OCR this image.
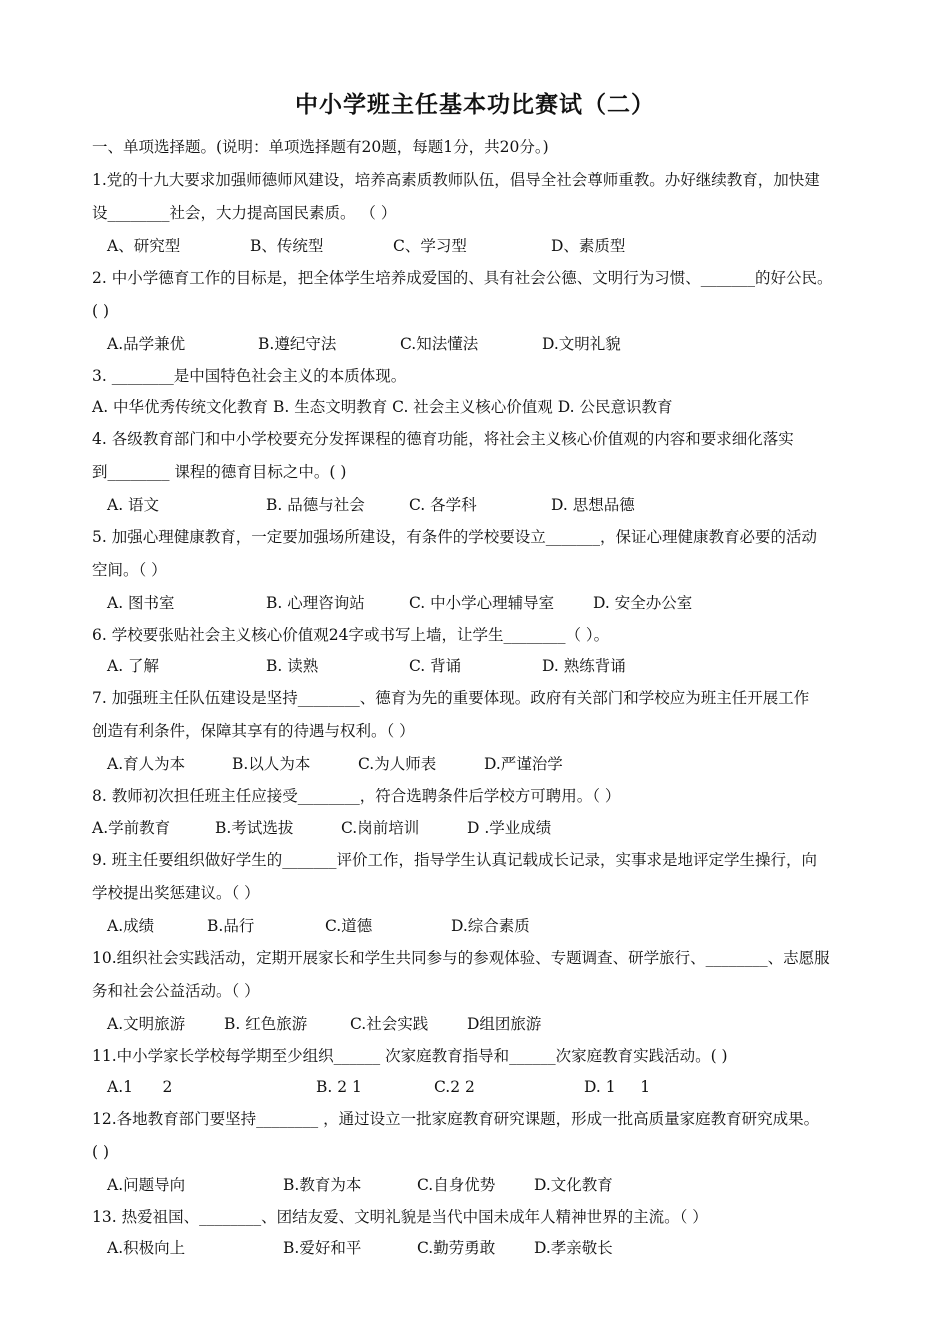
中小学班主任基本功比赛试（二）
一、单项选择题。(说明：单项选择题有20题，每题1分，共20分。)
1.党的十九大要求加强师德师风建设，培养高素质教师队伍，倡导全社会尊师重教。办好继续教育，加快建
设________社会，大力提高国民素质。 （ ）
A、研究型	B、传统型	C、学习型	D、素质型
2. 中小学德育工作的目标是，把全体学生培养成爱国的、具有社会公德、文明行为习惯、_______的好公民。
( )
A.品学兼优	B.遵纪守法	C.知法懂法	D.文明礼貌
3. ________是中国特色社会主义的本质体现。
A. 中华优秀传统文化教育 B. 生态文明教育 C. 社会主义核心价值观 D. 公民意识教育
4. 各级教育部门和中小学校要充分发挥课程的德育功能，将社会主义核心价值观的内容和要求细化落实
到________ 课程的德育目标之中。( )
A. 语文	B. 品德与社会	C. 各学科	D. 思想品德
5. 加强心理健康教育，一定要加强场所建设，有条件的学校要设立_______，保证心理健康教育必要的活动
空间。（ ）
A. 图书室	B. 心理咨询站	C. 中小学心理辅导室	D. 安全办公室
6. 学校要张贴社会主义核心价值观24字或书写上墙，让学生________（ ）。
A. 了解	B. 读熟	C. 背诵	D. 熟练背诵
7. 加强班主任队伍建设是坚持________、德育为先的重要体现。政府有关部门和学校应为班主任开展工作
创造有利条件，保障其享有的待遇与权利。（ ）
A.育人为本	B.以人为本	C.为人师表	D.严谨治学
8. 教师初次担任班主任应接受________，符合选聘条件后学校方可聘用。（ ）
A.学前教育	B.考试选拔	C.岗前培训	D .学业成绩
9. 班主任要组织做好学生的_______评价工作，指导学生认真记载成长记录，实事求是地评定学生操行，向
学校提出奖惩建议。（ ）
A.成绩	B.品行	C.道德	D.综合素质
10.组织社会实践活动，定期开展家长和学生共同参与的参观体验、专题调查、研学旅行、________、志愿服
务和社会公益活动。（ ）
A.文明旅游	B. 红色旅游	C.社会实践	D组团旅游
11.中小学家长学校每学期至少组织______ 次家庭教育指导和______次家庭教育实践活动。( )
A.1      2	B. 2 1	C.2 2	D. 1     1
12.各地教育部门要坚持________ ，通过设立一批家庭教育研究课题，形成一批高质量家庭教育研究成果。
( )
A.问题导向	B.教育为本	C.自身优势	D.文化教育
13. 热爱祖国、________、团结友爱、文明礼貌是当代中国未成年人精神世界的主流。（ ）
A.积极向上	B.爱好和平	C.勤劳勇敢	D.孝亲敬长
